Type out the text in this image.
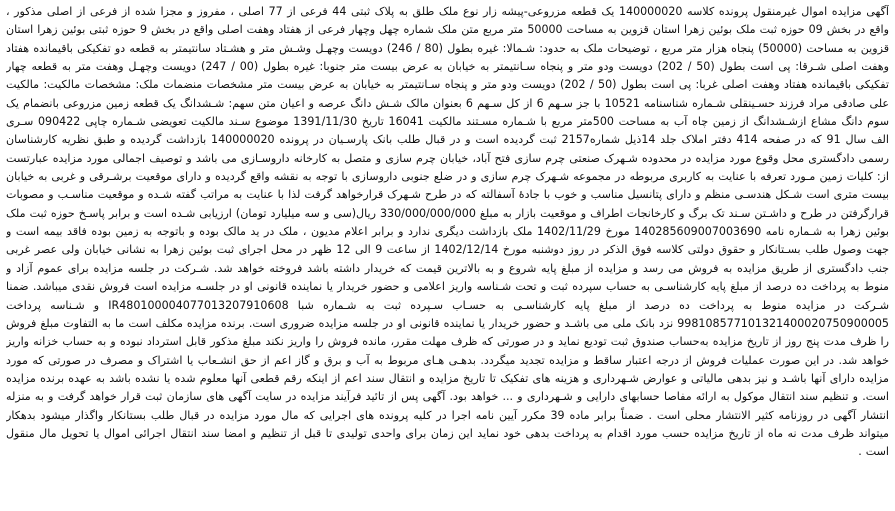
آگهی مزایده اموال غیرمنقول پرونده کلاسه 140000020 یک قطعه مزروعی-پیشه زار نوع ملک طلق به پلاک ثبتی 44 فرعی از 77 اصلی ، مفروز و مجزا شده از فرعی از اصلی مذکور ، واقع در بخش 09 حوزه ثبت ملک بوئین زهرا استان قزوین به مساحت 50000 متر مربع متن ملک شماره چهل وچهار فرعی از هفتاد وهفت اصلی واقع در بخش 9 حوزه ثبتی بوئین زهرا استان قزوین به مساحت (50000) پنجاه هزار متر مربع ، توضیحات ملک به حدود: شـمالا: غیره بطول (80 / 246) دویست وچهـل وشـش متر و هشـتاد سانتیمتر به قطعه دو تفکیکی باقیمانده هفتاد وهفت اصلی شـرقا: پی است بطول (50 / 202) دویست ودو متر و پنجاه سـانتیمتر به خیابان به عرض بیست متر جنوبا: غیره بطول (00 / 247) دویست وچهـل وهفت متر به قطعه چهار تفکیکی باقیمانده هفتاد وهفت اصلی غربا: پی است بطول (50 / 202) دویست ودو متر و پنجاه سـانتیمتر به خیابان به عرض بیست متر مشخصات منضمات ملک: مشخصات مالکیت: مالکیت علی صادقی مراد فرزند حسـینقلی شـماره شناسنامه 10521 با جز سـهم 6 از کل سـهم 6 بعنوان مالک شـش دانگ عرصه و اعیان متن سهم: شـشدانگ یک قطعه زمین مزروعی بانضمام یک سوم دانگ مشاع ازشـشدانگ از زمین چاه آب به مساحت 500متر مربع با شـماره مسـتند مالکیت 16041 تاریخ 1391/11/30 موضوع سـند مالکیت تعویضی شـماره چاپی 090422 سـری الف سال 91 که در صفحه 414 دفتر املاک جلد 14ذیل شماره2157 ثبت گردیده است و در قبال طلب بانک پارسـیان در پرونده 140000020 بازداشت گردیده و طبق نظریه کارشناسان رسمی دادگستری محل وقوع مورد مزایده در محدوده شـهرک صنعتی چرم سازی فتح آباد، خیابان چرم سازی و متصل به کارخانه داروسـازی می باشد و توصیف اجمالی مورد مزایده عبارتست از: کلیات زمین مـورد تعرفه با عنایت به کاربری مربوطه در مجموعه شـهرک چرم سازی و در ضلع جنوبی داروسازی با توجه به نقشه واقع گردیده و دارای موقعیت برشـرقی و غربی به خیابان بیست متری است شـکل هندسـی منظم و دارای پتانسیل مناسب و خوب با جادهٔ آسفالته که در طرح شـهرک قرارخواهد گرفت لذا با عنایت به مراتب گفته شـده و موقعیت مناسـب و مصوبات قرارگرفتن در طرح و داشـتن سـند تک برگ و کارخانجات اطراف و موقعیت بازار به مبلغ 330/000/000/000 ریال(سی و سه میلیارد تومان) ارزیابی شـده است و برابر پاسـخ حوزه ثبت ملک بوئین زهرا به شـماره نامه 140285609007003690 مورخ 1402/11/29 ملک بازداشت دیگری ندارد و برابر اعلام مدیون ، ملک در ید مالک بوده و باتوجه به زمین بوده فاقد بیمه است و جهت وصول طلب بسـتانکار و حقوق دولتی کلاسه فوق الذکر در روز دوشنبه مورخ 1402/12/14 از ساعت 9 الی 12 ظهر در محل اجرای ثبت بوئین زهرا به نشانی خیابان ولی عصر غربی جنب دادگستری از طریق مزایده به فروش می رسد و مزایده از مبلغ پایه شروع و به بالاترین قیمت که خریدار داشته باشد فروخته خواهد شد. شـرکت در جلسه مزایده برای عموم آزاد و منوط به پرداخت ده درصد از مبلغ پایه کارشناسـی به حساب سپرده ثبت و تحت شـناسه واریز اعلامی و حضور خریدار یا نماینده قانونی او در جلسـه مزایده است فروش نقدی میباشد. ضمنا شـرکت در مزایده منوط به پرداخت ده درصد از مبلغ پایه کارشناسـی به حسـاب سـپرده ثبت به شـماره شبا IR480100004077013207910608 و شـناسه پرداخت 998108577101321400020750900005 نزد بانک ملی می باشـد و حضور خریدار یا نماینده قانونی او در جلسه مزایده ضروری است. برنده مزایده مکلف است ما به التفاوت مبلغ فروش را ظرف مدت پنج روز از تاریخ مزایده به‌حساب صندوق ثبت تودیع نماید و در صورتی که ظرف مهلت مقرر، مانده فروش را واریز نکند مبلغ مذکور قابل استرداد نبوده و به حساب خزانه واریز خواهد شد. در این صورت عملیات فروش از درجه اعتبار ساقط و مزایده تجدید میگردد. بدهـی هـای مربوط به آب و برق و گاز اعم از حق انشـعاب یا اشتراک و مصرف در صورتی که مورد مزایده دارای آنها باشـد و نیز بدهی مالیاتی و عوارض شـهرداری و هزینه های تفکیک تا تاریخ مزایده و انتقال سند اعم از اینکه رقم قطعی آنها معلوم شده یا نشده باشد به عهده برنده مزایده است. و تنظیم سند انتقال موکول به ارائه مفاصا حسابهای دارایی و شـهرداری و ... خواهد بود. آگهی پس از تائید فرآیند مزایده در سایت آگهی های سازمان ثبت قرار خواهد گرفت و به منزله انتشار آگهی در روزنامه کثیر الانتشار محلی است . ضمناً برابر ماده 39 مکرر آیین نامه اجرا در کلیه پرونده های اجرایی که مال مورد مزایده در قبال طلب بستانکار واگذار میشود بدهکار میتواند ظرف مدت نه ماه از تاریخ مزایده حسب مورد اقدام به پرداخت بدهی خود نماید این زمان برای واحدی تولیدی تا قبل از تنظیم و امضا سند انتقال اجرائی اموال یا تحویل مال منقول است .
